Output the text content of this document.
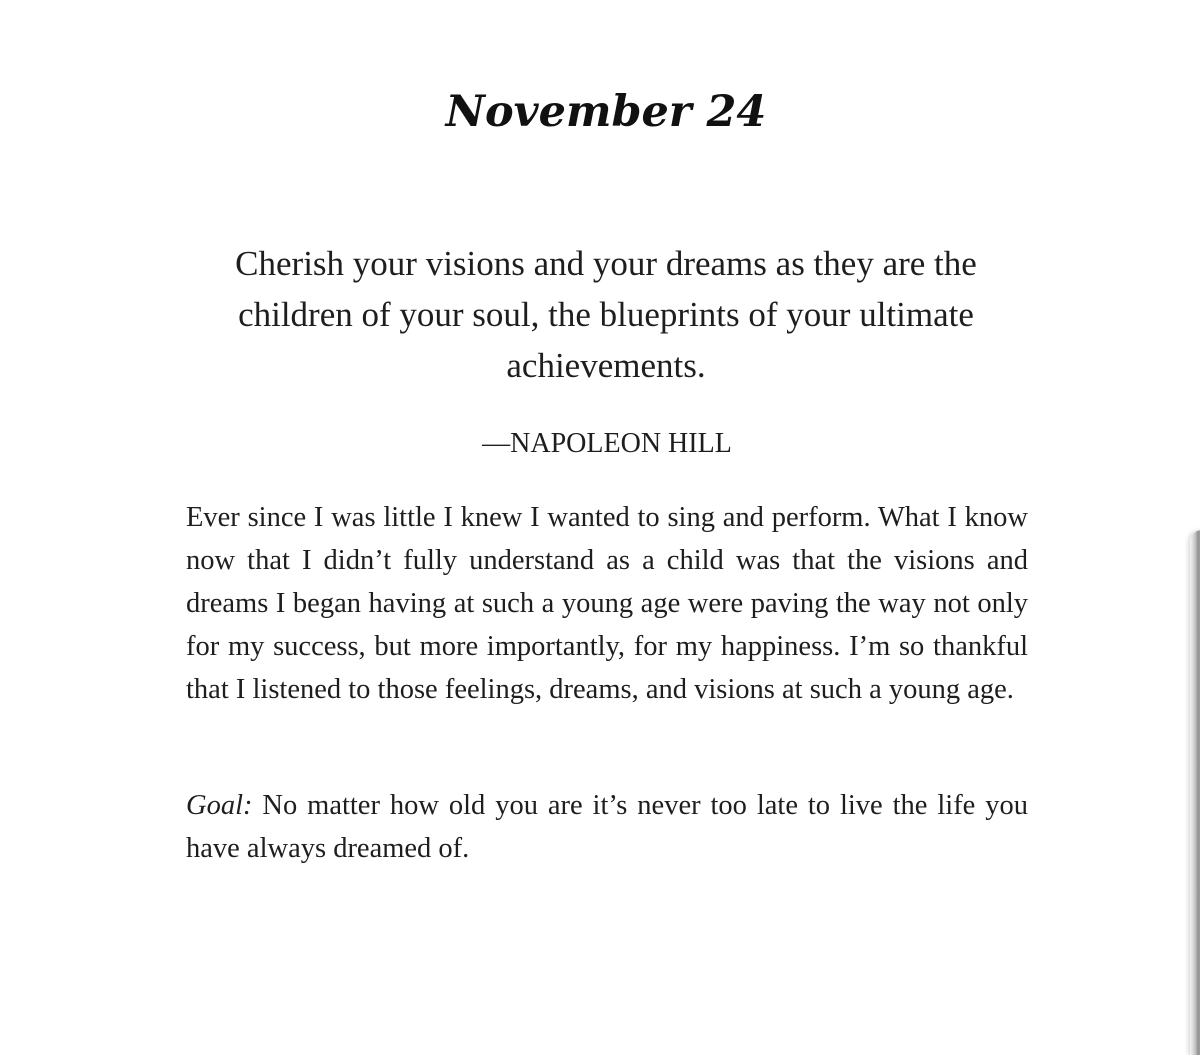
November 24

Cherish your visions and your dreams as they are the children of your soul, the blueprints of your ultimate achievements.

—NAPOLEON HILL

Ever since I was little I knew I wanted to sing and perform. What I know now that I didn’t fully understand as a child was that the visions and dreams I began having at such a young age were paving the way not only for my success, but more importantly, for my happiness. I’m so thankful that I listened to those feelings, dreams, and visions at such a young age.

Goal: No matter how old you are it’s never too late to live the life you have always dreamed of.
